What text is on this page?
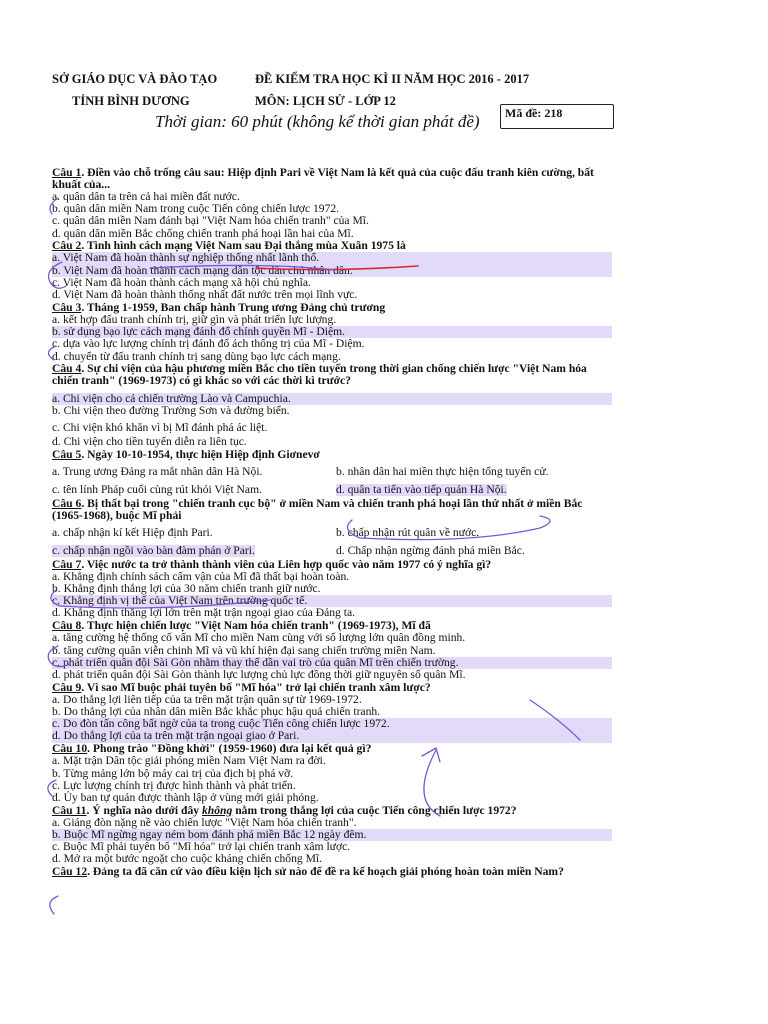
SỞ GIÁO DỤC VÀ ĐÀO TẠO	ĐỀ KIỂM TRA HỌC KÌ II NĂM HỌC 2016 - 2017
TỈNH BÌNH DƯƠNG	MÔN: LỊCH SỬ - LỚP 12
Thời gian: 60 phút (không kể thời gian phát đề)	Mã đề: 218
Câu 1. Điền vào chỗ trống câu sau: Hiệp định Pari về Việt Nam là kết quả của cuộc đấu tranh kiên cường, bất khuất của...
a. quân dân ta trên cả hai miền đất nước.
b. quân dân miền Nam trong cuộc Tiến công chiến lược 1972.
c. quân dân miền Nam đánh bại "Việt Nam hóa chiến tranh" của Mĩ.
d. quân dân miền Bắc chống chiến tranh phá hoại lần hai của Mĩ.
Câu 2. Tình hình cách mạng Việt Nam sau Đại thắng mùa Xuân 1975 là
a. Việt Nam đã hoàn thành sự nghiệp thống nhất lãnh thổ.
b. Việt Nam đã hoàn thành cách mạng dân tộc dân chủ nhân dân.
c. Việt Nam đã hoàn thành cách mạng xã hội chủ nghĩa.
d. Việt Nam đã hoàn thành thống nhất đất nước trên mọi lĩnh vực.
Câu 3. Tháng 1-1959, Ban chấp hành Trung ương Đảng chủ trương
a. kết hợp đấu tranh chính trị, giữ gìn và phát triển lực lượng.
b. sử dụng bạo lực cách mạng đánh đổ chính quyền Mĩ - Diệm.
c. dựa vào lực lượng chính trị đánh đổ ách thống trị của Mĩ - Diệm.
d. chuyển từ đấu tranh chính trị sang dùng bạo lực cách mạng.
Câu 4. Sự chi viện của hậu phương miền Bắc cho tiền tuyến trong thời gian chống chiến lược "Việt Nam hóa chiến tranh" (1969-1973) có gì khác so với các thời kì trước?
a. Chi viện cho cả chiến trường Lào và Campuchia.
b. Chi viện theo đường Trường Sơn và đường biển.
c. Chi viện khó khăn vì bị Mĩ đánh phá ác liệt.
d. Chi viện cho tiền tuyến diễn ra liên tục.
Câu 5. Ngày 10-10-1954, thực hiện Hiệp định Giơnevơ
a. Trung ương Đảng ra mắt nhân dân Hà Nội.	b. nhân dân hai miền thực hiện tổng tuyển cử.
c. tên lính Pháp cuối cùng rút khỏi Việt Nam.	d. quân ta tiến vào tiếp quản Hà Nội.
Câu 6. Bị thất bại trong "chiến tranh cục bộ" ở miền Nam và chiến tranh phá hoại lần thứ nhất ở miền Bắc (1965-1968), buộc Mĩ phải
a. chấp nhận kí kết Hiệp định Pari.	b. chấp nhận rút quân về nước.
c. chấp nhận ngồi vào bàn đàm phán ở Pari.	d. Chấp nhận ngừng đánh phá miền Bắc.
Câu 7. Việc nước ta trở thành thành viên của Liên hợp quốc vào năm 1977 có ý nghĩa gì?
a. Khẳng định chính sách cấm vận của Mĩ đã thất bại hoàn toàn.
b. Khẳng định thắng lợi của 30 năm chiến tranh giữ nước.
c. Khẳng định vị thế của Việt Nam trên trường quốc tế.
d. Khẳng định thắng lợi lớn trên mặt trận ngoại giao của Đảng ta.
Câu 8. Thực hiện chiến lược "Việt Nam hóa chiến tranh" (1969-1973), Mĩ đã
a. tăng cường hệ thống cố vấn Mĩ cho miền Nam cùng với số lượng lớn quân đồng minh.
b. tăng cường quân viễn chinh Mĩ và vũ khí hiện đại sang chiến trường miền Nam.
c. phát triển quân đội Sài Gòn nhằm thay thế dần vai trò của quân Mĩ trên chiến trường.
d. phát triển quân đội Sài Gòn thành lực lượng chủ lực đồng thời giữ nguyên số quân Mĩ.
Câu 9. Vì sao Mĩ buộc phải tuyên bố "Mĩ hóa" trở lại chiến tranh xâm lược?
a. Do thắng lợi liên tiếp của ta trên mặt trận quân sự từ 1969-1972.
b. Do thắng lợi của nhân dân miền Bắc khắc phục hậu quả chiến tranh.
c. Do đòn tấn công bất ngờ của ta trong cuộc Tiến công chiến lược 1972.
d. Do thắng lợi của ta trên mặt trận ngoại giao ở Pari.
Câu 10. Phong trào "Đồng khởi" (1959-1960) đưa lại kết quả gì?
a. Mặt trận Dân tộc giải phóng miền Nam Việt Nam ra đời.
b. Từng mảng lớn bộ máy cai trị của địch bị phá vỡ.
c. Lực lượng chính trị được hình thành và phát triển.
d. Ủy ban tự quản được thành lập ở vùng mới giải phóng.
Câu 11. Ý nghĩa nào dưới đây không nằm trong thắng lợi của cuộc Tiến công chiến lược 1972?
a. Giáng đòn nặng nề vào chiến lược "Việt Nam hóa chiến tranh".
b. Buộc Mĩ ngừng ngay ném bom đánh phá miền Bắc 12 ngày đêm.
c. Buộc Mĩ phải tuyên bố "Mĩ hóa" trở lại chiến tranh xâm lược.
d. Mở ra một bước ngoặt cho cuộc kháng chiến chống Mĩ.
Câu 12. Đảng ta đã căn cứ vào điều kiện lịch sử nào để đề ra kế hoạch giải phóng hoàn toàn miền Nam?
